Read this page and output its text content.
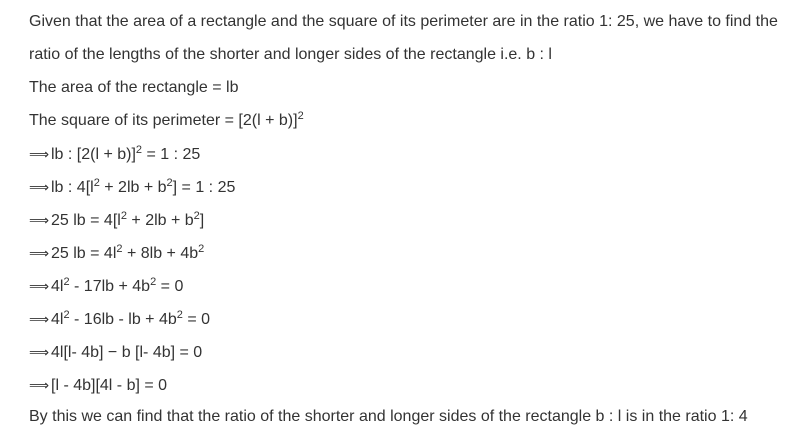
Given that the area of a rectangle and the square of its perimeter are in the ratio 1: 25, we have to find the

ratio of the lengths of the shorter and longer sides of the rectangle i.e. b : l

The area of the rectangle = lb

The square of its perimeter = $[2(l + b)]^2$

⟹ lb : $[2(l + b)]^2 = 1$ : 25

⟹ lb : $4[l^2 + 2lb + b^2] = 1$ : 25

⟹ 25 lb = $4[l^2 + 2lb + b^2]$

⟹ 25 lb = $4l^2 + 8lb + 4b^2$

⟹ $4l^2 - 17lb + 4b^2 = 0$

⟹ $4l^2 - 16lb$ - lb + $4b^2 = 0$

⟹ 4l[l- 4b] − b [l- 4b] = 0

⟹ [l - 4b][4l - b] = 0

By this we can find that the ratio of the shorter and longer sides of the rectangle b : l is in the ratio 1: 4
